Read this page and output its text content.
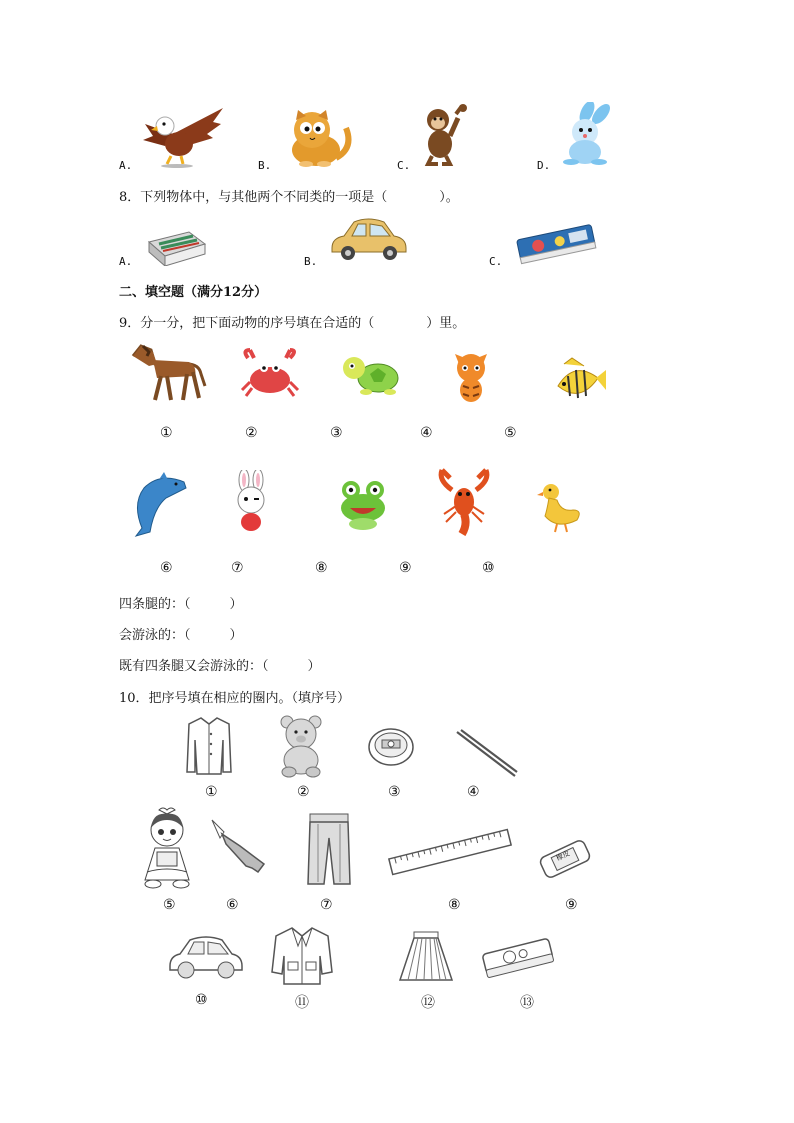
A.	B.	C.	D.
8．下列物体中，与其他两个不同类的一项是（　　　　）。
A.	B.	C.
二、填空题（满分12分）
9．分一分，把下面动物的序号填在合适的（　　　　）里。
①	②	③	④	⑤
⑥	⑦	⑧	⑨	⑩
四条腿的：（　　　）
会游泳的：（　　　）
既有四条腿又会游泳的：（　　　）
10．把序号填在相应的圈内。（填序号）
①	②	③	④
橡皮
⑤	⑥	⑦	⑧	⑨
⑩	⑪	⑫	⑬
